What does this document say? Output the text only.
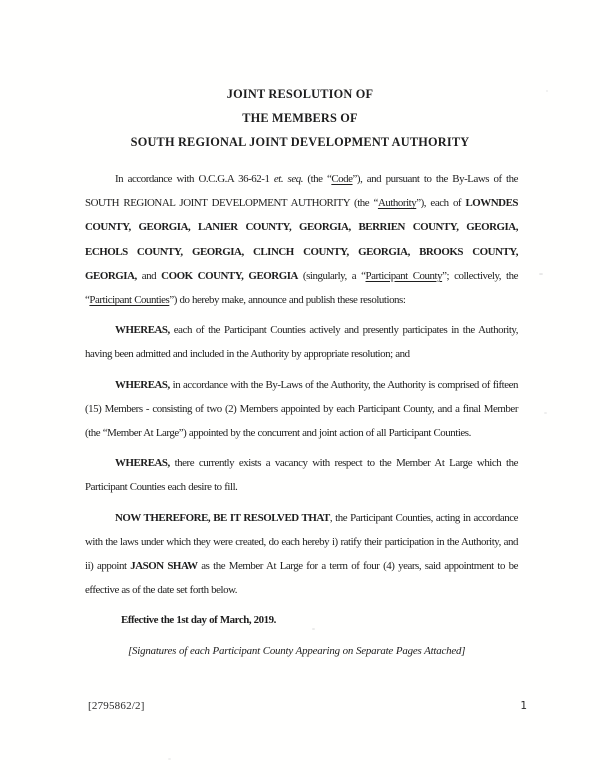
JOINT RESOLUTION OF
THE MEMBERS OF
SOUTH REGIONAL JOINT DEVELOPMENT AUTHORITY

In accordance with O.C.G.A 36-62-1 et. seq. (the “Code”), and pursuant to the By-Laws of the SOUTH REGIONAL JOINT DEVELOPMENT AUTHORITY (the “Authority”), each of LOWNDES COUNTY, GEORGIA, LANIER COUNTY, GEORGIA, BERRIEN COUNTY, GEORGIA, ECHOLS COUNTY, GEORGIA, CLINCH COUNTY, GEORGIA, BROOKS COUNTY, GEORGIA, and COOK COUNTY, GEORGIA (singularly, a “Participant County”; collectively, the “Participant Counties”) do hereby make, announce and publish these resolutions:

WHEREAS, each of the Participant Counties actively and presently participates in the Authority, having been admitted and included in the Authority by appropriate resolution; and

WHEREAS, in accordance with the By-Laws of the Authority, the Authority is comprised of fifteen (15) Members - consisting of two (2) Members appointed by each Participant County, and a final Member (the “Member At Large”) appointed by the concurrent and joint action of all Participant Counties.

WHEREAS, there currently exists a vacancy with respect to the Member At Large which the Participant Counties each desire to fill.

NOW THEREFORE, BE IT RESOLVED THAT, the Participant Counties, acting in accordance with the laws under which they were created, do each hereby i) ratify their participation in the Authority, and ii) appoint JASON SHAW as the Member At Large for a term of four (4) years, said appointment to be effective as of the date set forth below.

Effective the 1st day of March, 2019.

[Signatures of each Participant County Appearing on Separate Pages Attached]

[2795862/2]	1
